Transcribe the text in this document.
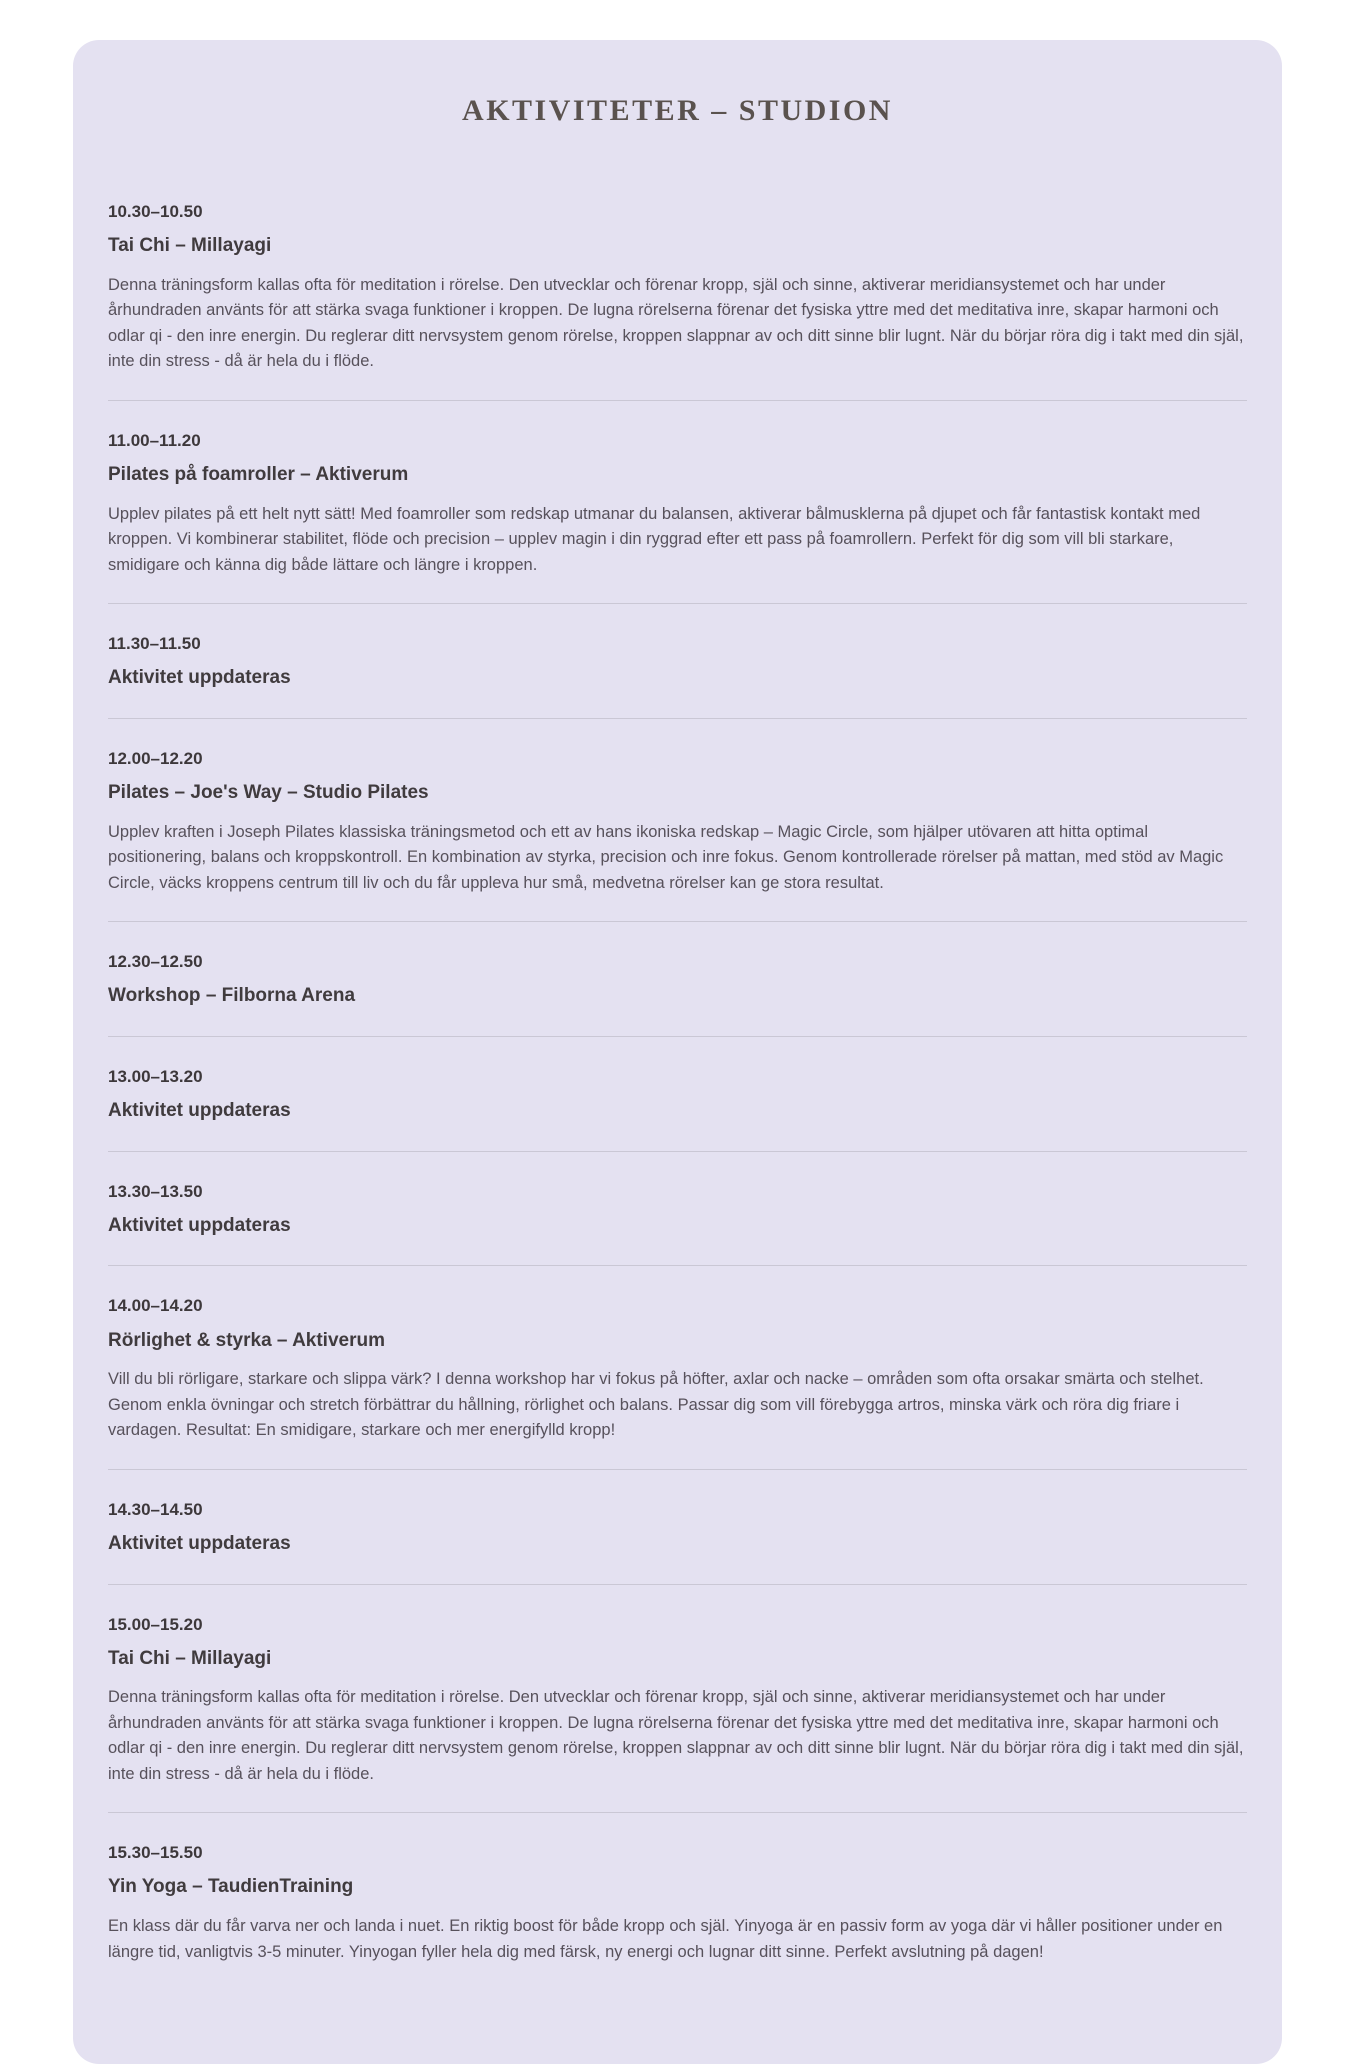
AKTIVITETER – STUDION

10.30–10.50

Tai Chi – Millayagi

Denna träningsform kallas ofta för meditation i rörelse. Den utvecklar och förenar kropp, själ och sinne, aktiverar meridiansystemet och har under århundraden använts för att stärka svaga funktioner i kroppen. De lugna rörelserna förenar det fysiska yttre med det meditativa inre, skapar harmoni och odlar qi - den inre energin. Du reglerar ditt nervsystem genom rörelse, kroppen slappnar av och ditt sinne blir lugnt. När du börjar röra dig i takt med din själ, inte din stress - då är hela du i flöde.

11.00–11.20

Pilates på foamroller – Aktiverum

Upplev pilates på ett helt nytt sätt! Med foamroller som redskap utmanar du balansen, aktiverar bålmusklerna på djupet och får fantastisk kontakt med kroppen. Vi kombinerar stabilitet, flöde och precision – upplev magin i din ryggrad efter ett pass på foamrollern. Perfekt för dig som vill bli starkare, smidigare och känna dig både lättare och längre i kroppen.

11.30–11.50

Aktivitet uppdateras

12.00–12.20

Pilates – Joe's Way – Studio Pilates

Upplev kraften i Joseph Pilates klassiska träningsmetod och ett av hans ikoniska redskap – Magic Circle, som hjälper utövaren att hitta optimal positionering, balans och kroppskontroll. En kombination av styrka, precision och inre fokus. Genom kontrollerade rörelser på mattan, med stöd av Magic Circle, väcks kroppens centrum till liv och du får uppleva hur små, medvetna rörelser kan ge stora resultat.

12.30–12.50

Workshop – Filborna Arena

13.00–13.20

Aktivitet uppdateras

13.30–13.50

Aktivitet uppdateras

14.00–14.20

Rörlighet & styrka – Aktiverum

Vill du bli rörligare, starkare och slippa värk? I denna workshop har vi fokus på höfter, axlar och nacke – områden som ofta orsakar smärta och stelhet. Genom enkla övningar och stretch förbättrar du hållning, rörlighet och balans. Passar dig som vill förebygga artros, minska värk och röra dig friare i vardagen. Resultat: En smidigare, starkare och mer energifylld kropp!

14.30–14.50

Aktivitet uppdateras

15.00–15.20

Tai Chi – Millayagi

Denna träningsform kallas ofta för meditation i rörelse. Den utvecklar och förenar kropp, själ och sinne, aktiverar meridiansystemet och har under århundraden använts för att stärka svaga funktioner i kroppen. De lugna rörelserna förenar det fysiska yttre med det meditativa inre, skapar harmoni och odlar qi - den inre energin. Du reglerar ditt nervsystem genom rörelse, kroppen slappnar av och ditt sinne blir lugnt. När du börjar röra dig i takt med din själ, inte din stress - då är hela du i flöde.

15.30–15.50

Yin Yoga – TaudienTraining

En klass där du får varva ner och landa i nuet. En riktig boost för både kropp och själ. Yinyoga är en passiv form av yoga där vi håller positioner under en längre tid, vanligtvis 3-5 minuter. Yinyogan fyller hela dig med färsk, ny energi och lugnar ditt sinne. Perfekt avslutning på dagen!
